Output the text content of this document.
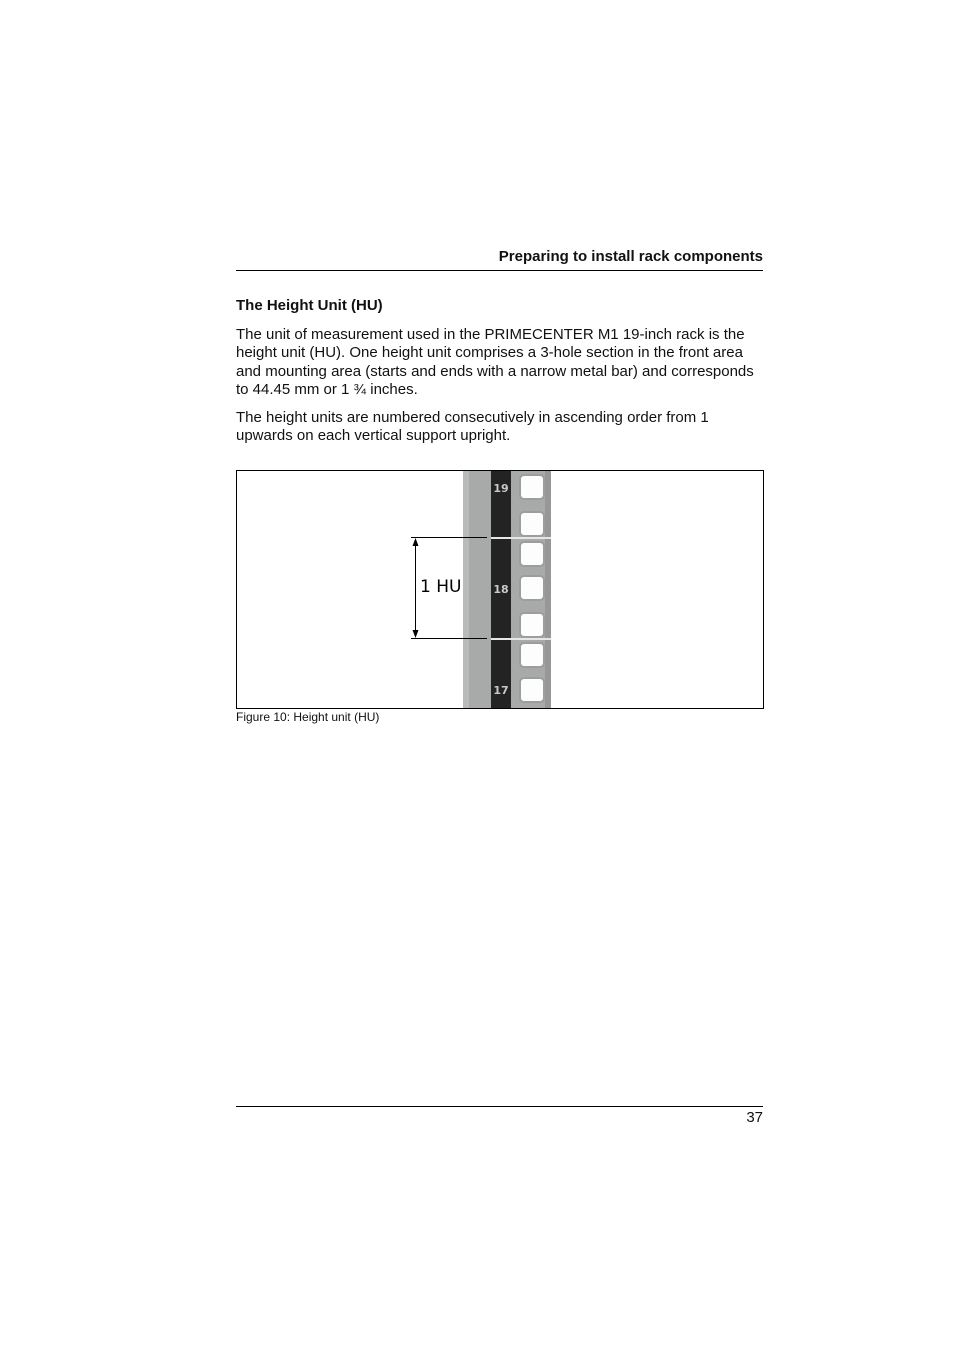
Preparing to install rack components
The Height Unit (HU)

The unit of measurement used in the PRIMECENTER M1 19-inch rack is the height unit (HU). One height unit comprises a 3-hole section in the front area and mounting area (starts and ends with a narrow metal bar) and corresponds to 44.45 mm or 1 ¾ inches.

The height units are numbered consecutively in ascending order from 1 upwards on each vertical support upright.

19
18
17
1 HU

Figure 10: Height unit (HU)

37
